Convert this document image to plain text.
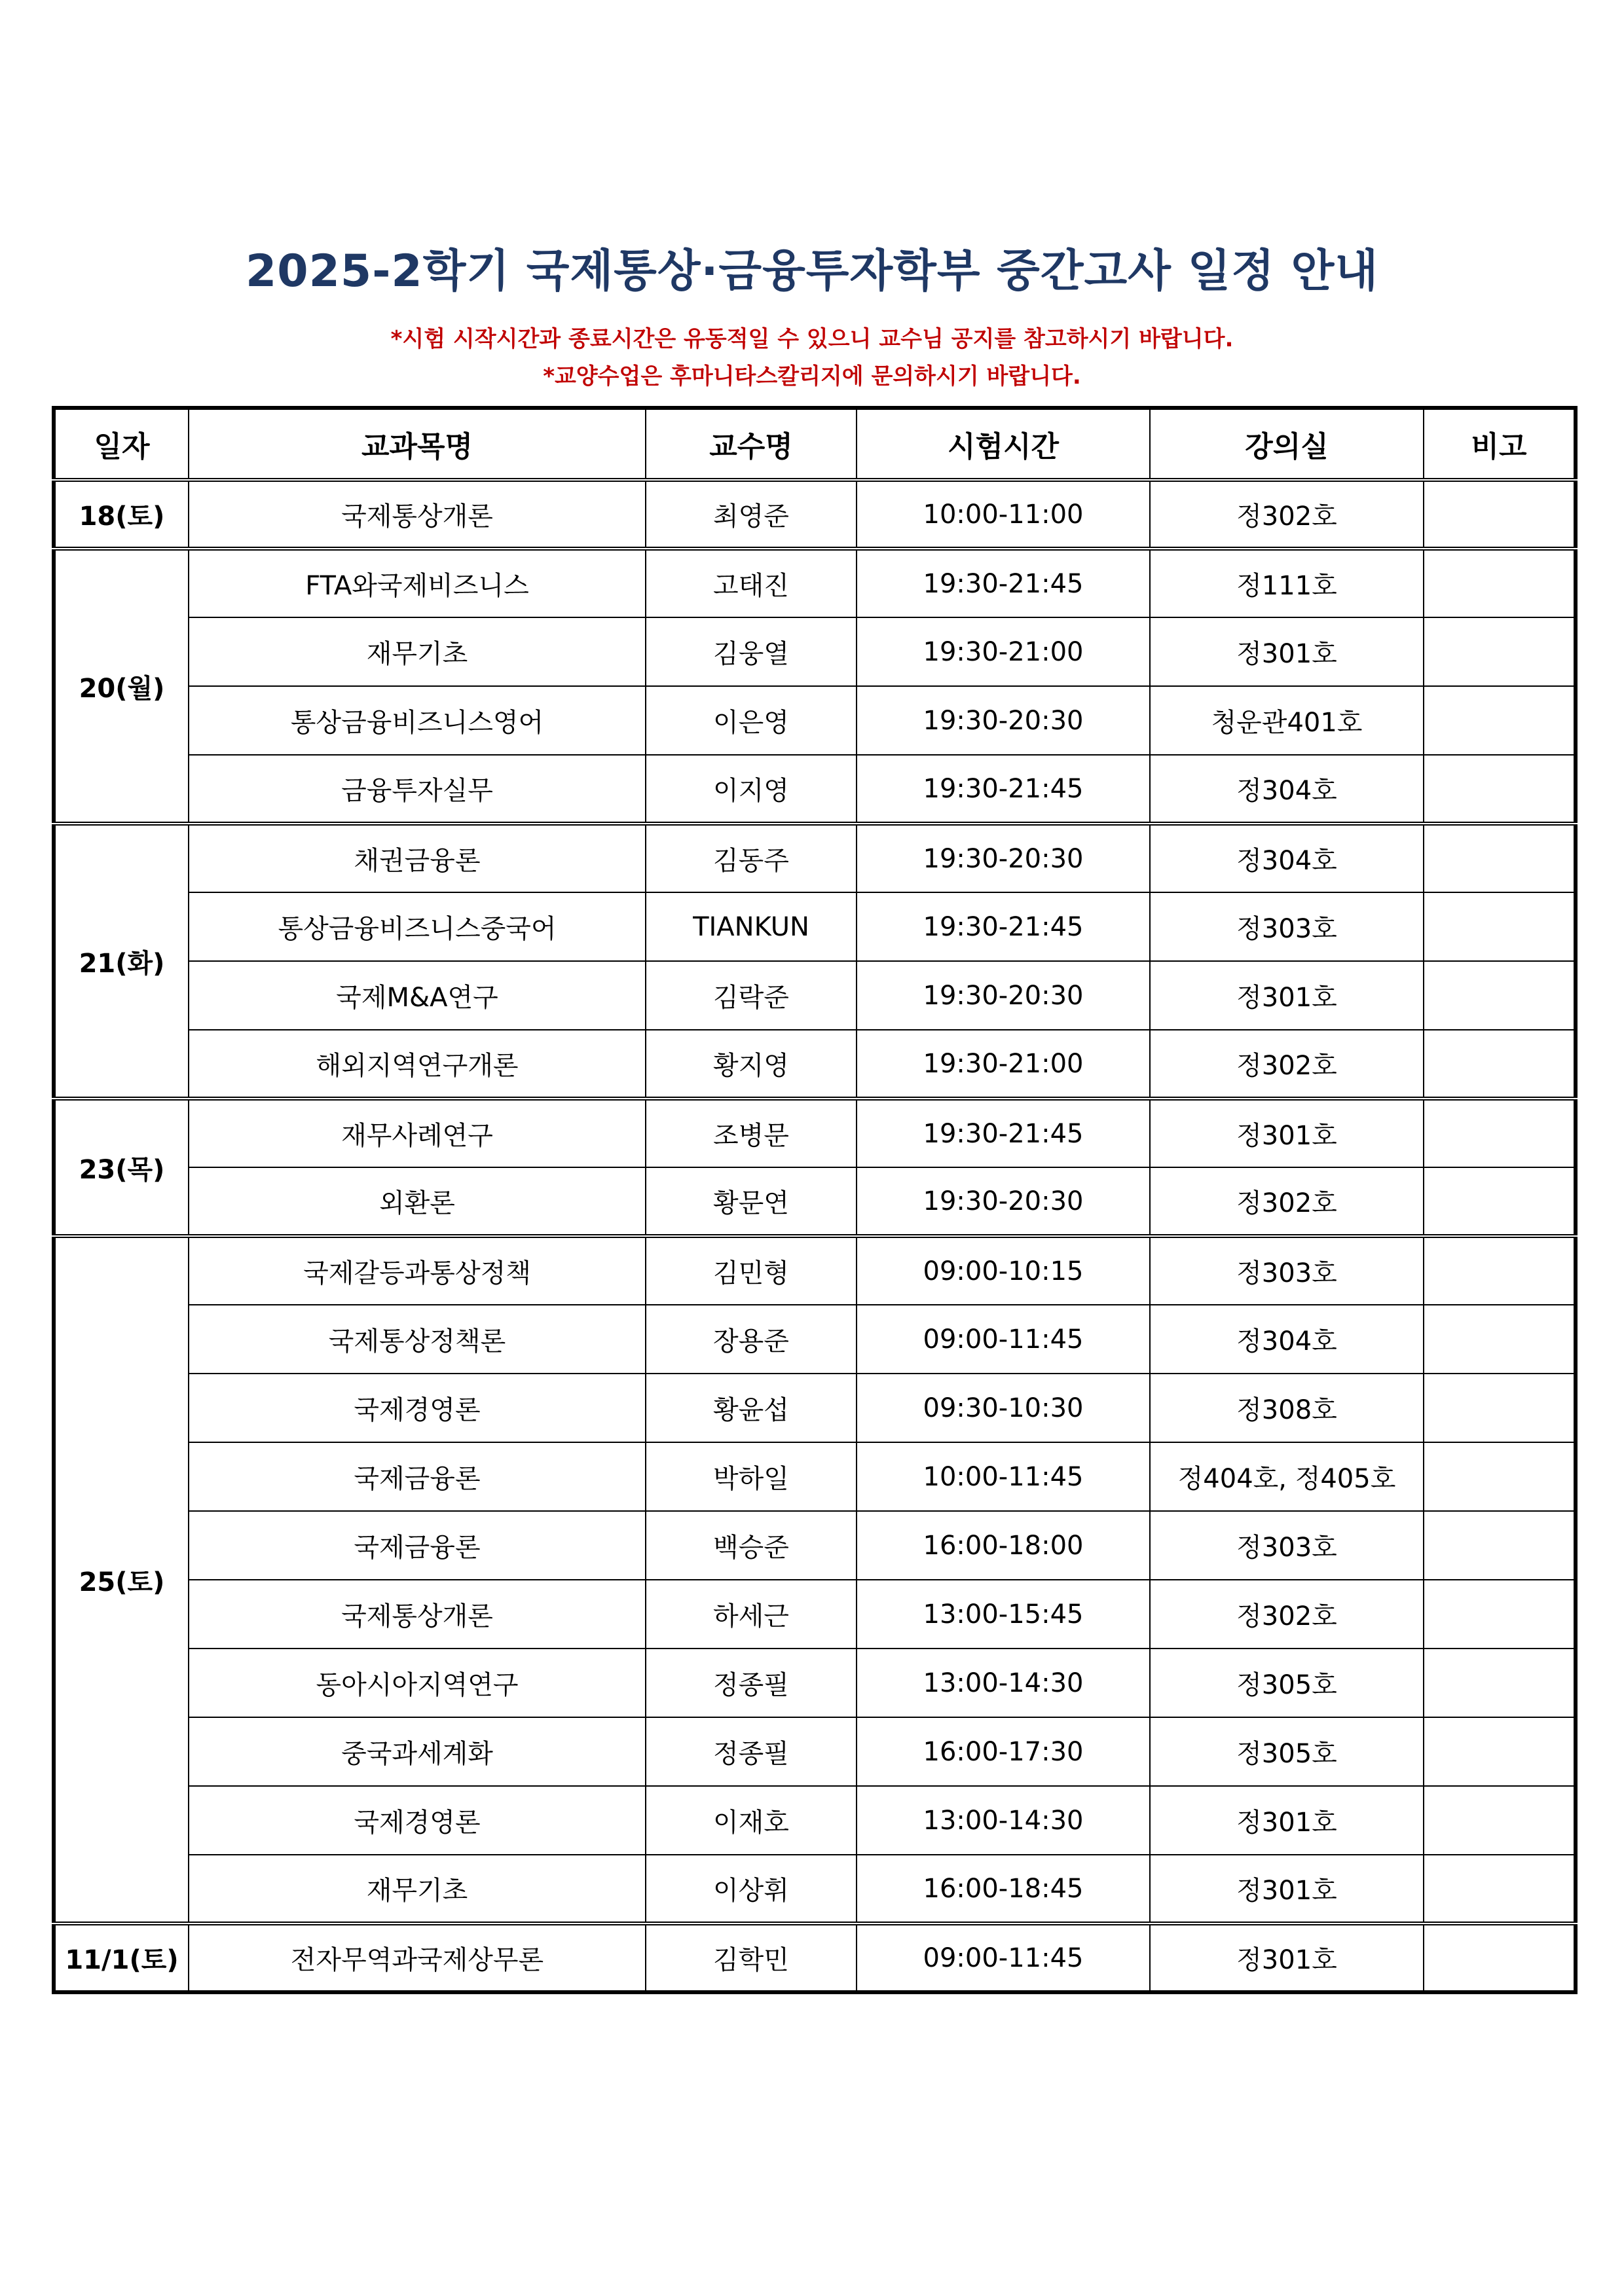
2025-2학기 국제통상·금융투자학부 중간고사 일정 안내
*시험 시작시간과 종료시간은 유동적일 수 있으니 교수님 공지를 참고하시기 바랍니다.
*교양수업은 후마니타스칼리지에 문의하시기 바랍니다.
일자	교과목명	교수명	시험시간	강의실	비고
18(토)	국제통상개론	최영준	10:00-11:00	정302호	
20(월)	FTA와국제비즈니스	고태진	19:30-21:45	정111호	
	재무기초	김웅열	19:30-21:00	정301호	
	통상금융비즈니스영어	이은영	19:30-20:30	청운관401호	
	금융투자실무	이지영	19:30-21:45	정304호	
21(화)	채권금융론	김동주	19:30-20:30	정304호	
	통상금융비즈니스중국어	TIANKUN	19:30-21:45	정303호	
	국제M&A연구	김락준	19:30-20:30	정301호	
	해외지역연구개론	황지영	19:30-21:00	정302호	
23(목)	재무사례연구	조병문	19:30-21:45	정301호	
	외환론	황문연	19:30-20:30	정302호	
25(토)	국제갈등과통상정책	김민형	09:00-10:15	정303호	
	국제통상정책론	장용준	09:00-11:45	정304호	
	국제경영론	황윤섭	09:30-10:30	정308호	
	국제금융론	박하일	10:00-11:45	정404호, 정405호	
	국제금융론	백승준	16:00-18:00	정303호	
	국제통상개론	하세근	13:00-15:45	정302호	
	동아시아지역연구	정종필	13:00-14:30	정305호	
	중국과세계화	정종필	16:00-17:30	정305호	
	국제경영론	이재호	13:00-14:30	정301호	
	재무기초	이상휘	16:00-18:45	정301호	
11/1(토)	전자무역과국제상무론	김학민	09:00-11:45	정301호	
